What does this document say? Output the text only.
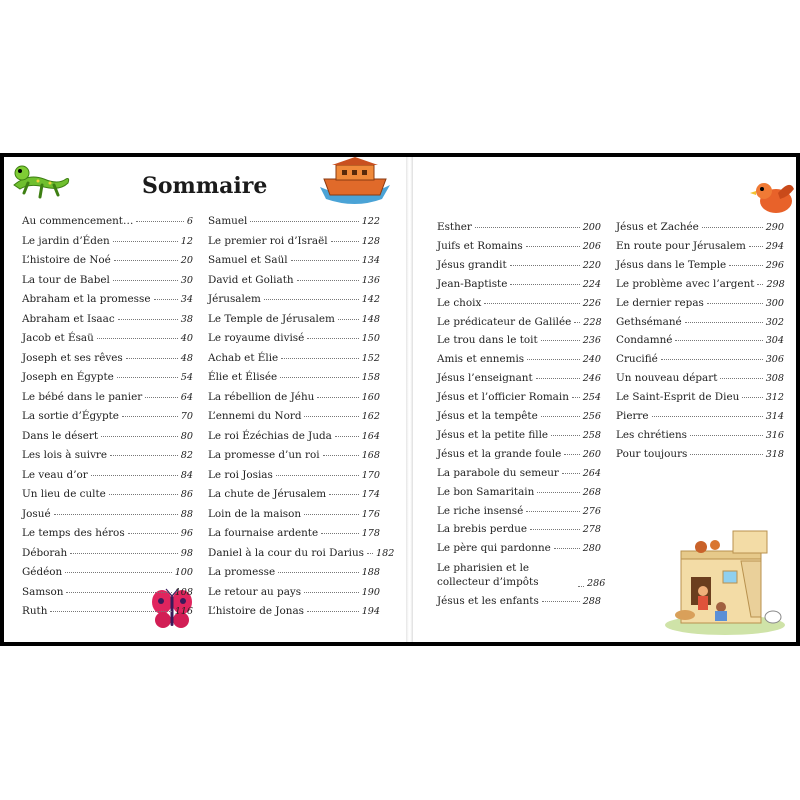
Sommaire
Au commencement…	6
Le jardin d’Éden	12
L’histoire de Noé	20
La tour de Babel	30
Abraham et la promesse	34
Abraham et Isaac	38
Jacob et Ésaü	40
Joseph et ses rêves	48
Joseph en Égypte	54
Le bébé dans le panier	64
La sortie d’Égypte	70
Dans le désert	80
Les lois à suivre	82
Le veau d’or	84
Un lieu de culte	86
Josué	88
Le temps des héros	96
Déborah	98
Gédéon	100
Samson	108
Ruth	116
Samuel	122
Le premier roi d’Israël	128
Samuel et Saül	134
David et Goliath	136
Jérusalem	142
Le Temple de Jérusalem	148
Le royaume divisé	150
Achab et Élie	152
Élie et Élisée	158
La rébellion de Jéhu	160
L’ennemi du Nord	162
Le roi Ézéchias de Juda	164
La promesse d’un roi	168
Le roi Josias	170
La chute de Jérusalem	174
Loin de la maison	176
La fournaise ardente	178
Daniel à la cour du roi Darius 182
La promesse	188
Le retour au pays	190
L’histoire de Jonas	194
Esther	200
Juifs et Romains	206
Jésus grandit	220
Jean-Baptiste	224
Le choix	226
Le prédicateur de Galilée 228
Le trou dans le toit	236
Amis et ennemis	240
Jésus l’enseignant	246
Jésus et l’officier Romain 254
Jésus et la tempête	256
Jésus et la petite fille	258
Jésus et la grande foule 260
La parabole du semeur 264
Le bon Samaritain	268
Le riche insensé	276
La brebis perdue	278
Le père qui pardonne	280
Le pharisien et le collecteur d’impôts	286
Jésus et les enfants	288
Jésus et Zachée	290
En route pour Jérusalem 294
Jésus dans le Temple	296
Le problème avec l’argent 298
Le dernier repas	300
Gethsémané	302
Condamné	304
Crucifié	306
Un nouveau départ	308
Le Saint-Esprit de Dieu	312
Pierre	314
Les chrétiens	316
Pour toujours	318
